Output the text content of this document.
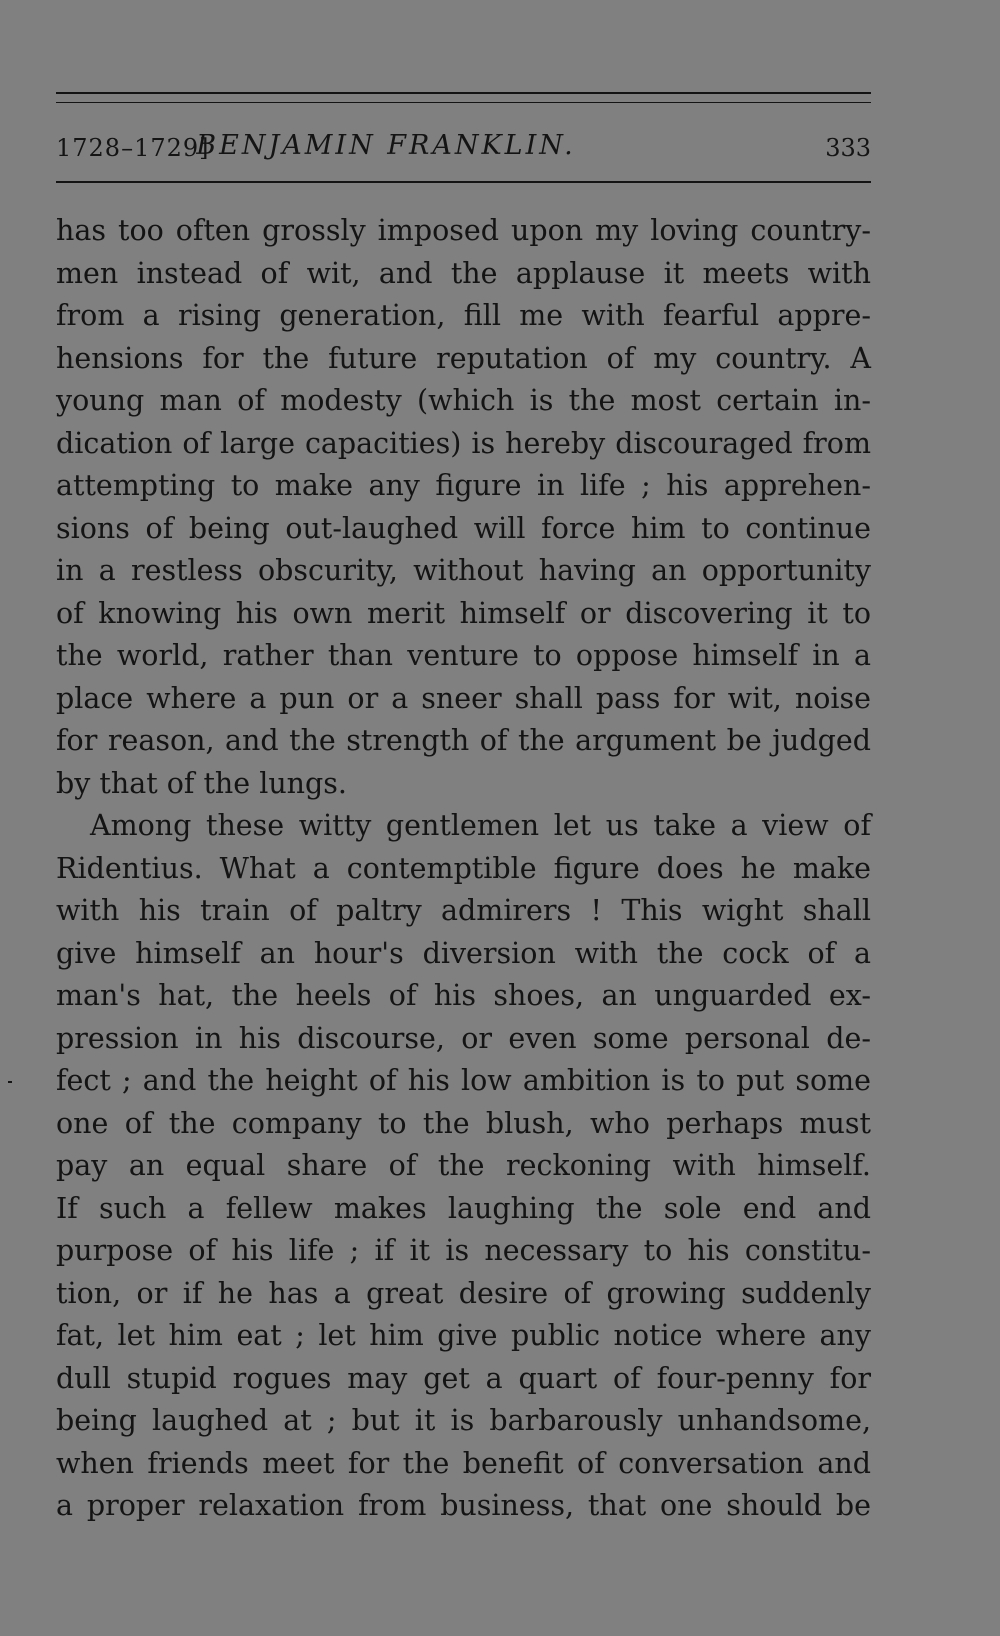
1728–1729]
BENJAMIN FRANKLIN.	333
has too often grossly imposed upon my loving country-
men instead of wit, and the applause it meets with
from a rising generation, fill me with fearful appre-
hensions for the future reputation of my country. A
young man of modesty (which is the most certain in-
dication of large capacities) is hereby discouraged from
attempting to make any figure in life ; his apprehen-
sions of being out-laughed will force him to continue
in a restless obscurity, without having an opportunity
of knowing his own merit himself or discovering it to
the world, rather than venture to oppose himself in a
place where a pun or a sneer shall pass for wit, noise
for reason, and the strength of the argument be judged
by that of the lungs.
Among these witty gentlemen let us take a view of
Ridentius. What a contemptible figure does he make
with his train of paltry admirers ! This wight shall
give himself an hour's diversion with the cock of a
man's hat, the heels of his shoes, an unguarded ex-
pression in his discourse, or even some personal de-
fect ; and the height of his low ambition is to put some
one of the company to the blush, who perhaps must
pay an equal share of the reckoning with himself.
If such a fellew makes laughing the sole end and
purpose of his life ; if it is necessary to his constitu-
tion, or if he has a great desire of growing suddenly
fat, let him eat ; let him give public notice where any
dull stupid rogues may get a quart of four-penny for
being laughed at ; but it is barbarously unhandsome,
when friends meet for the benefit of conversation and
a proper relaxation from business, that one should be
